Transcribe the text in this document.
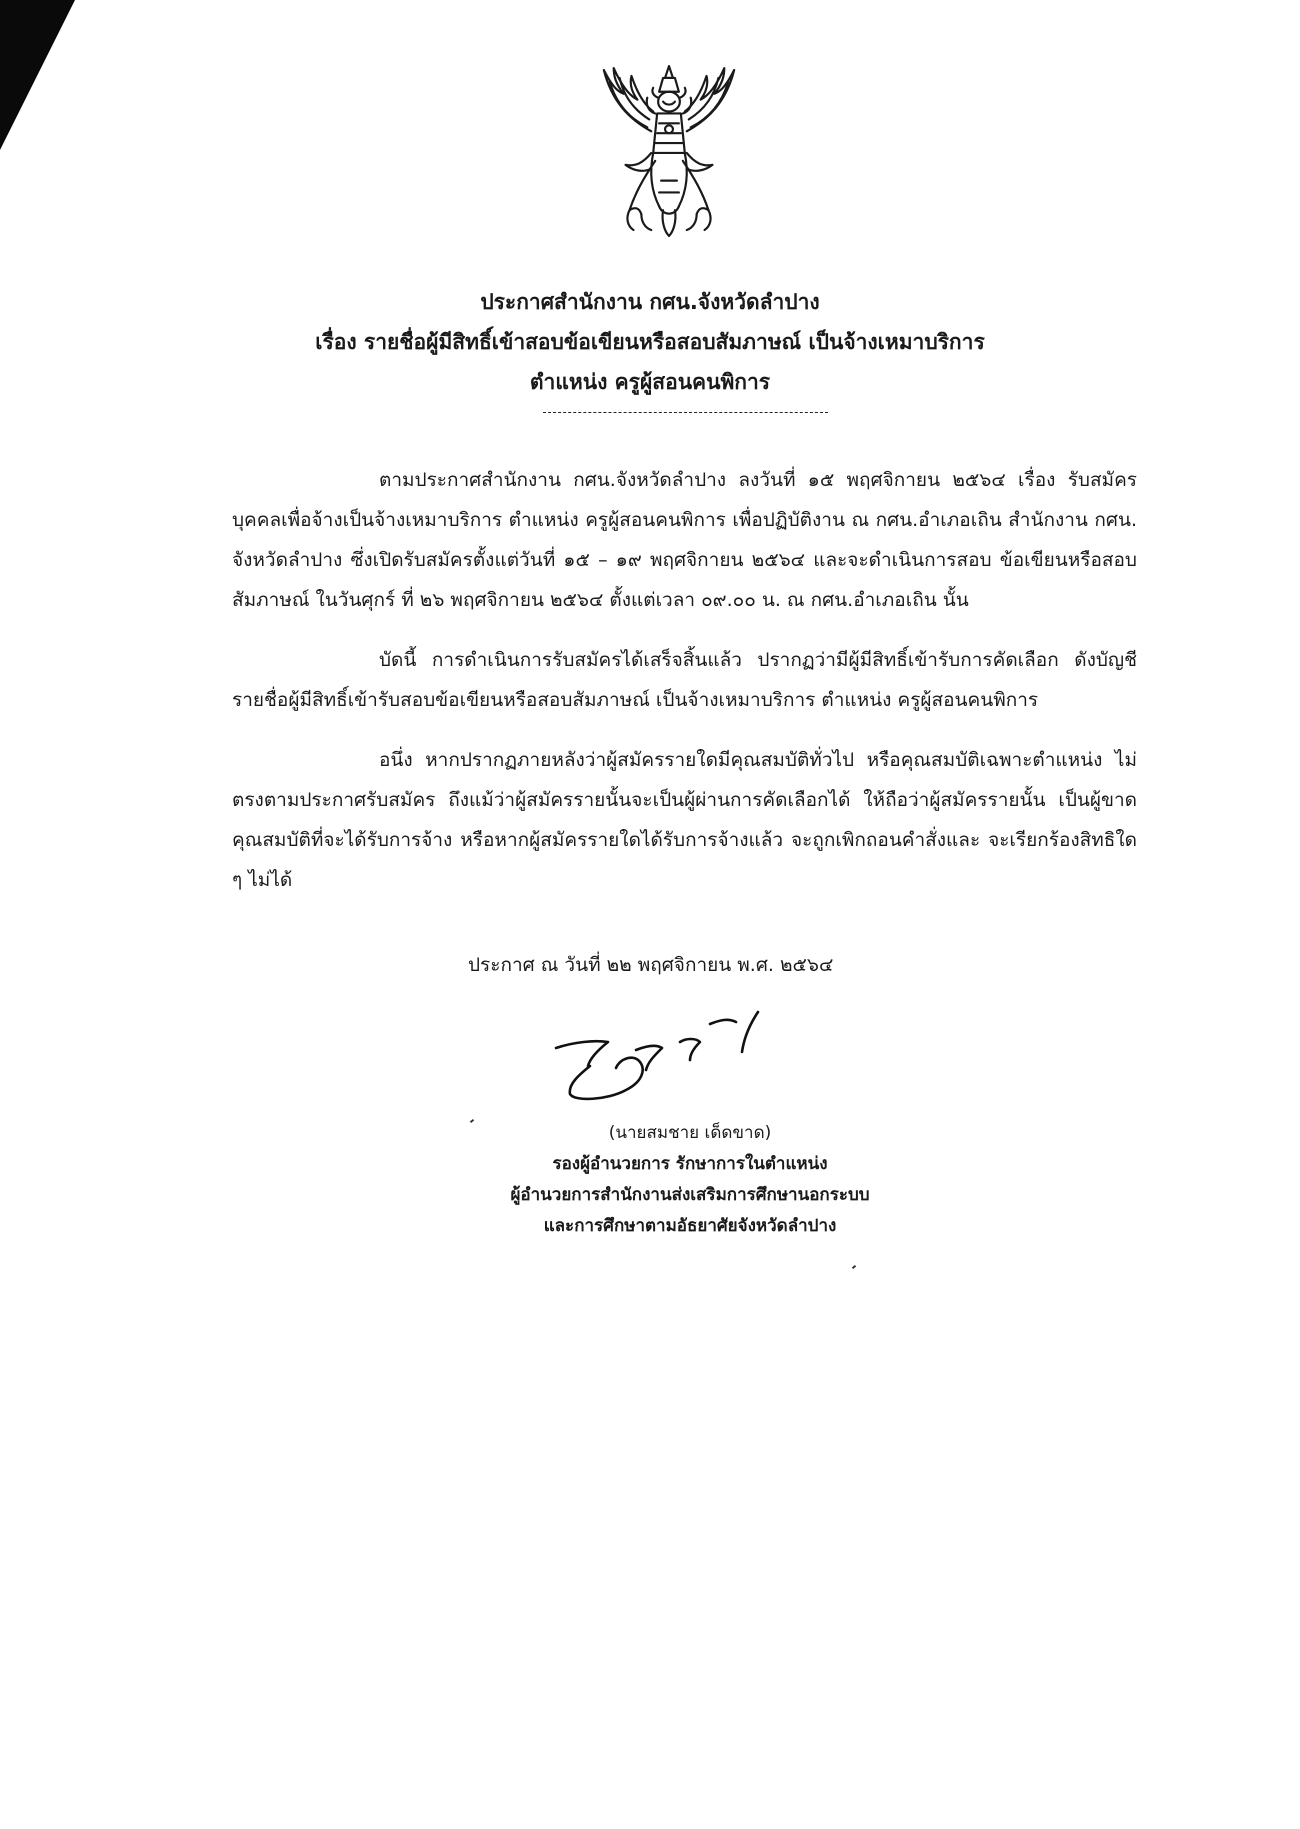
ประกาศสำนักงาน กศน.จังหวัดลำปาง
เรื่อง รายชื่อผู้มีสิทธิ์เข้าสอบข้อเขียนหรือสอบสัมภาษณ์ เป็นจ้างเหมาบริการ
ตำแหน่ง ครูผู้สอนคนพิการ

ตามประกาศสำนักงาน กศน.จังหวัดลำปาง ลงวันที่ ๑๕ พฤศจิกายน ๒๕๖๔ เรื่อง รับสมัคร บุคคลเพื่อจ้างเป็นจ้างเหมาบริการ ตำแหน่ง ครูผู้สอนคนพิการ เพื่อปฏิบัติงาน ณ กศน.อำเภอเถิน สำนักงาน กศน. จังหวัดลำปาง ซึ่งเปิดรับสมัครตั้งแต่วันที่ ๑๕ – ๑๙ พฤศจิกายน ๒๕๖๔ และจะดำเนินการสอบ ข้อเขียนหรือสอบสัมภาษณ์ ในวันศุกร์ ที่ ๒๖ พฤศจิกายน ๒๕๖๔ ตั้งแต่เวลา ๐๙.๐๐ น. ณ กศน.อำเภอเถิน นั้น

บัดนี้ การดำเนินการรับสมัครได้เสร็จสิ้นแล้ว ปรากฏว่ามีผู้มีสิทธิ์เข้ารับการคัดเลือก ดังบัญชี รายชื่อผู้มีสิทธิ์เข้ารับสอบข้อเขียนหรือสอบสัมภาษณ์ เป็นจ้างเหมาบริการ ตำแหน่ง ครูผู้สอนคนพิการ

อนึ่ง หากปรากฏภายหลังว่าผู้สมัครรายใดมีคุณสมบัติทั่วไป หรือคุณสมบัติเฉพาะตำแหน่ง ไม่ตรงตามประกาศรับสมัคร ถึงแม้ว่าผู้สมัครรายนั้นจะเป็นผู้ผ่านการคัดเลือกได้ ให้ถือว่าผู้สมัครรายนั้น เป็นผู้ขาดคุณสมบัติที่จะได้รับการจ้าง หรือหากผู้สมัครรายใดได้รับการจ้างแล้ว จะถูกเพิกถอนคำสั่งและ จะเรียกร้องสิทธิใด ๆ ไม่ได้

ประกาศ ณ วันที่ ๒๒ พฤศจิกายน พ.ศ. ๒๕๖๔
(นายสมชาย เด็ดขาด)
รองผู้อำนวยการ รักษาการในตำแหน่ง
ผู้อำนวยการสำนักงานส่งเสริมการศึกษานอกระบบ
และการศึกษาตามอัธยาศัยจังหวัดลำปาง
